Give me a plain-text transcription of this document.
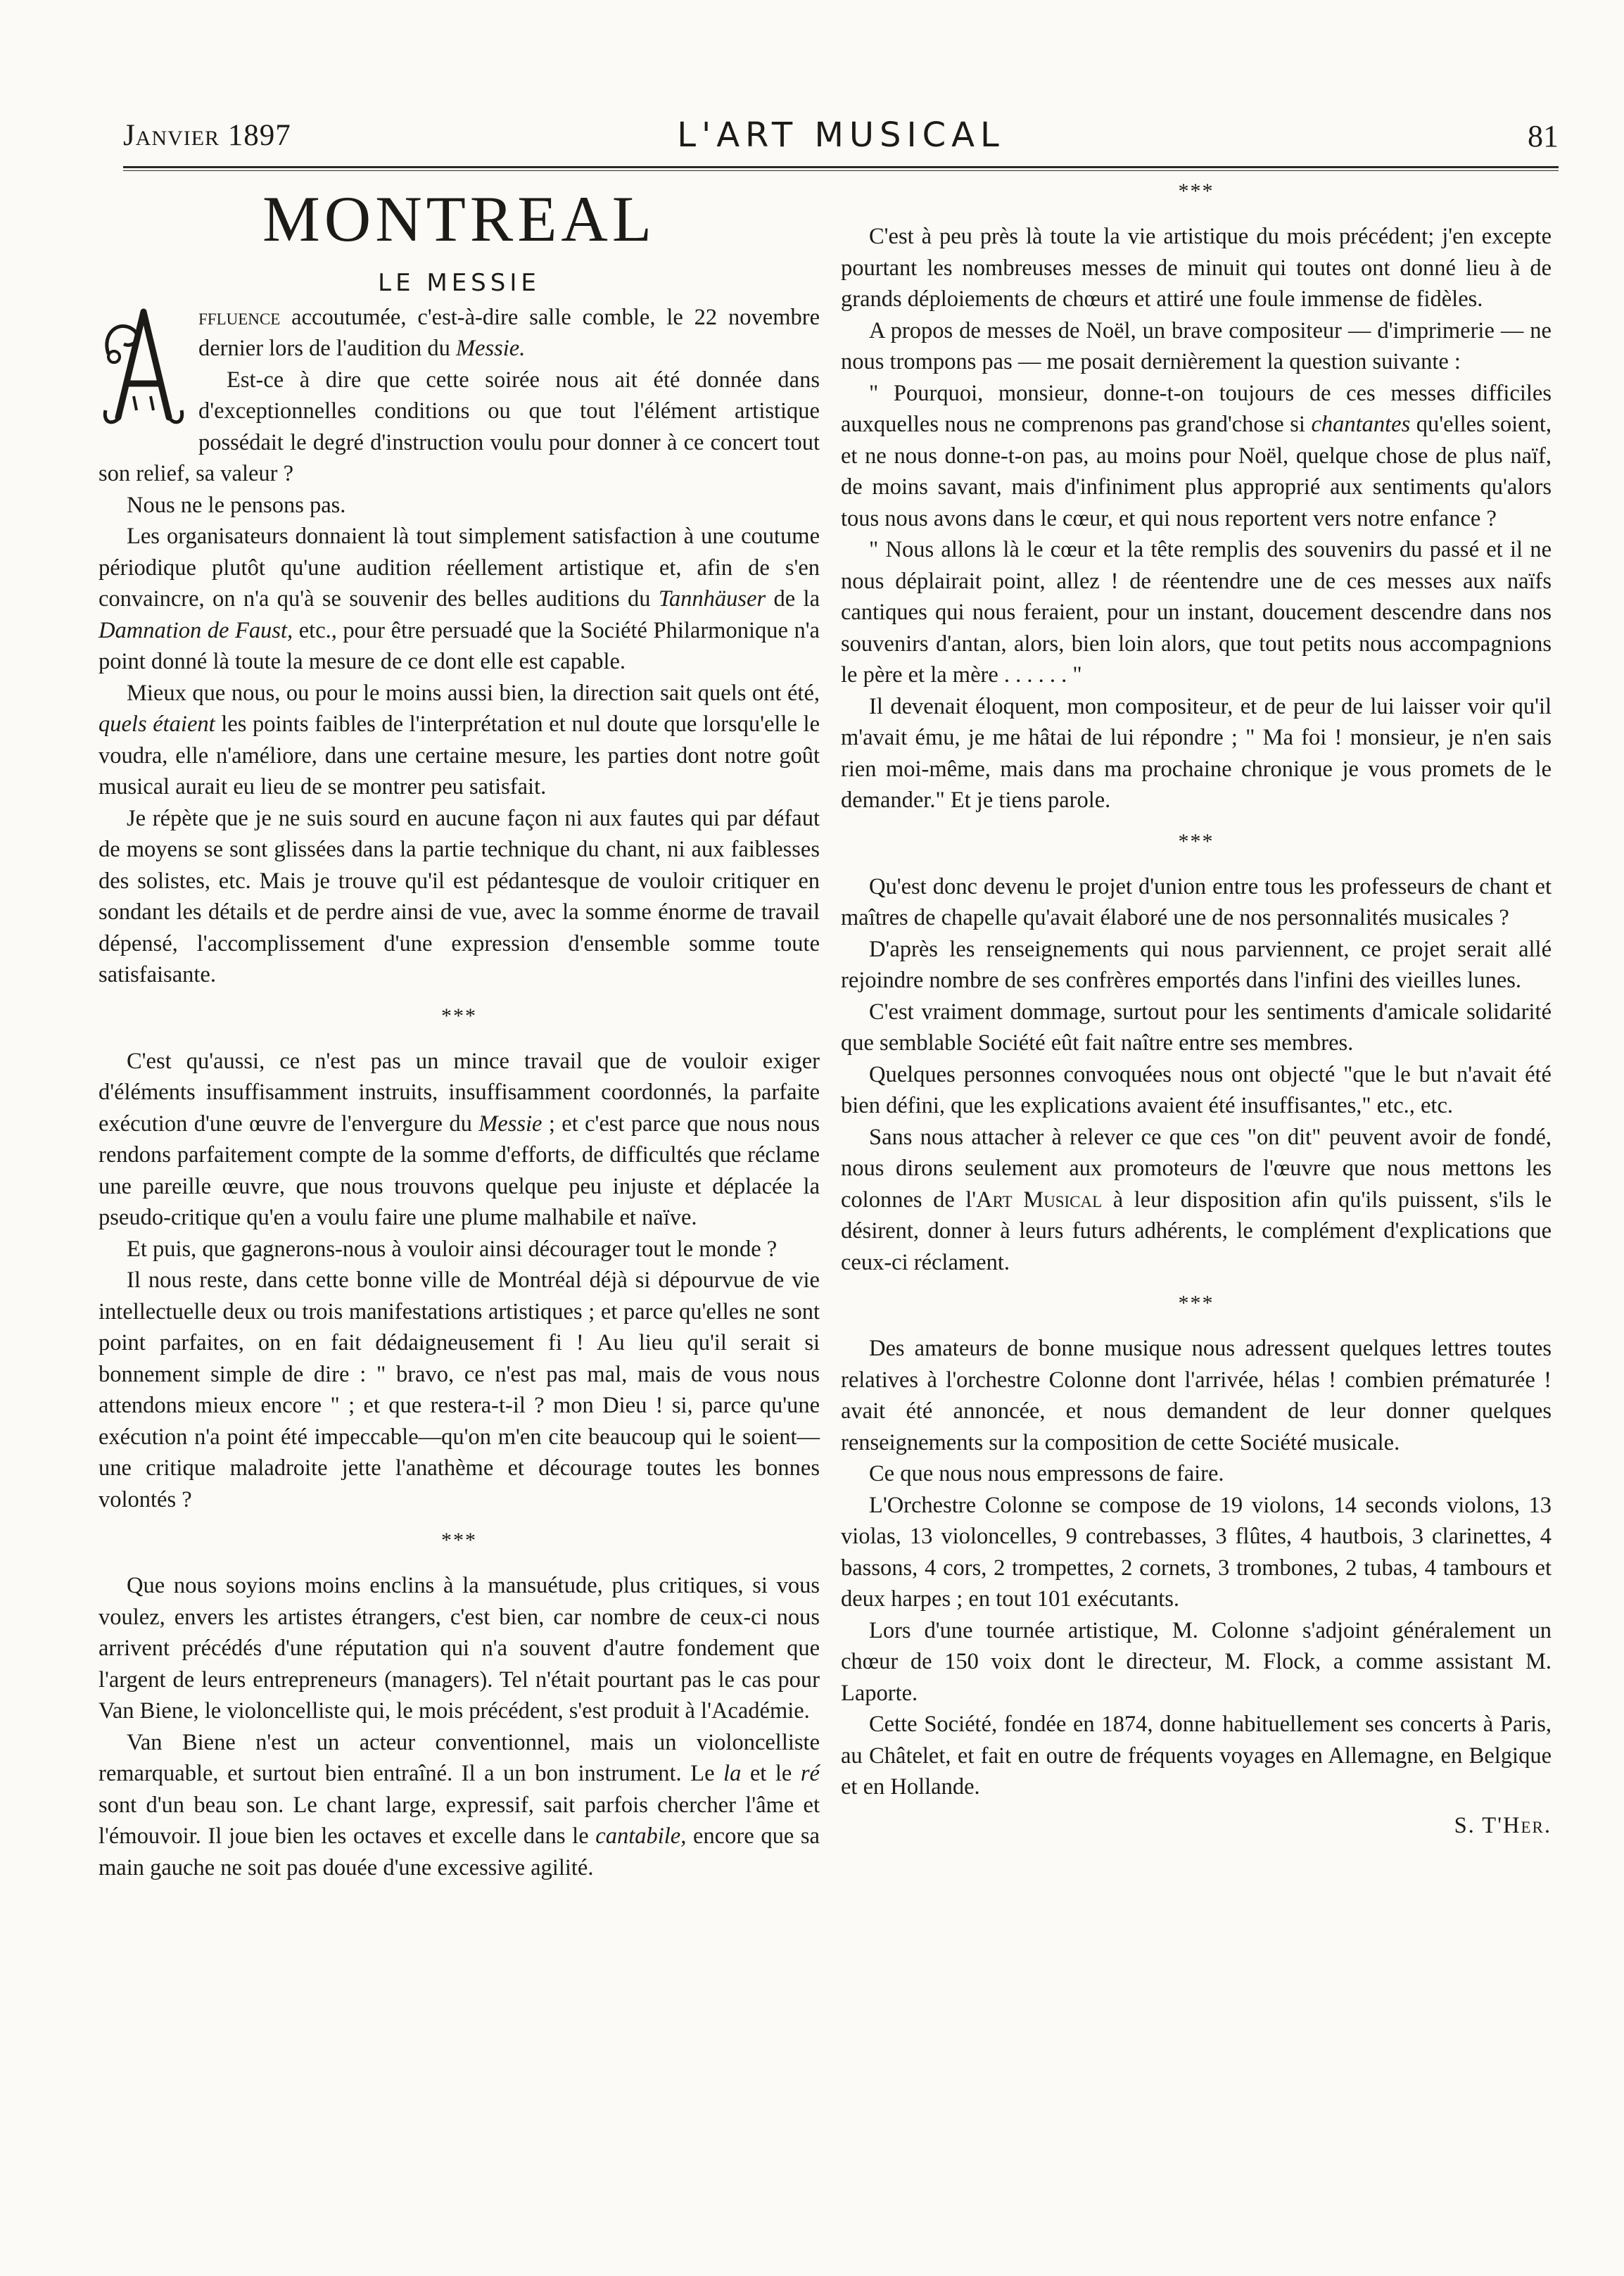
Janvier 1897	L'ART MUSICAL	81
MONTREAL
LE MESSIE

ffluence accoutumée, c'est-à-dire salle comble, le 22 novembre dernier lors de l'audition du Messie.

Est-ce à dire que cette soirée nous ait été donnée dans d'exceptionnelles conditions ou que tout l'élément artistique possédait le degré d'instruction voulu pour donner à ce concert tout son relief, sa valeur ?

Nous ne le pensons pas.

Les organisateurs donnaient là tout simplement satisfaction à une coutume périodique plutôt qu'une audition réellement artistique et, afin de s'en convaincre, on n'a qu'à se souvenir des belles auditions du Tannhäuser de la Damnation de Faust, etc., pour être persuadé que la Société Philarmonique n'a point donné là toute la mesure de ce dont elle est capable.

Mieux que nous, ou pour le moins aussi bien, la direction sait quels ont été, quels étaient les points faibles de l'interprétation et nul doute que lorsqu'elle le voudra, elle n'améliore, dans une certaine mesure, les parties dont notre goût musical aurait eu lieu de se montrer peu satisfait.

Je répète que je ne suis sourd en aucune façon ni aux fautes qui par défaut de moyens se sont glissées dans la partie technique du chant, ni aux faiblesses des solistes, etc. Mais je trouve qu'il est pédantesque de vouloir critiquer en sondant les détails et de perdre ainsi de vue, avec la somme énorme de travail dépensé, l'accomplissement d'une expression d'ensemble somme toute satisfaisante.

***

C'est qu'aussi, ce n'est pas un mince travail que de vouloir exiger d'éléments insuffisamment instruits, insuffisamment coordonnés, la parfaite exécution d'une œuvre de l'envergure du Messie ; et c'est parce que nous nous rendons parfaitement compte de la somme d'efforts, de difficultés que réclame une pareille œuvre, que nous trouvons quelque peu injuste et déplacée la pseudo-critique qu'en a voulu faire une plume malhabile et naïve.

Et puis, que gagnerons-nous à vouloir ainsi décourager tout le monde ?

Il nous reste, dans cette bonne ville de Montréal déjà si dépourvue de vie intellectuelle deux ou trois manifestations artistiques ; et parce qu'elles ne sont point parfaites, on en fait dédaigneusement fi ! Au lieu qu'il serait si bonnement simple de dire : " bravo, ce n'est pas mal, mais de vous nous attendons mieux encore " ; et que restera-t-il ? mon Dieu ! si, parce qu'une exécution n'a point été impeccable—qu'on m'en cite beaucoup qui le soient—une critique maladroite jette l'anathème et décourage toutes les bonnes volontés ?

***

Que nous soyions moins enclins à la mansuétude, plus critiques, si vous voulez, envers les artistes étrangers, c'est bien, car nombre de ceux-ci nous arrivent précédés d'une réputation qui n'a souvent d'autre fondement que l'argent de leurs entrepreneurs (managers). Tel n'était pourtant pas le cas pour Van Biene, le violoncelliste qui, le mois précédent, s'est produit à l'Académie.

Van Biene n'est un acteur conventionnel, mais un violoncelliste remarquable, et surtout bien entraîné. Il a un bon instrument. Le la et le ré sont d'un beau son. Le chant large, expressif, sait parfois chercher l'âme et l'émouvoir. Il joue bien les octaves et excelle dans le cantabile, encore que sa main gauche ne soit pas douée d'une excessive agilité.

***

C'est à peu près là toute la vie artistique du mois précédent; j'en excepte pourtant les nombreuses messes de minuit qui toutes ont donné lieu à de grands déploiements de chœurs et attiré une foule immense de fidèles.

A propos de messes de Noël, un brave compositeur — d'imprimerie — ne nous trompons pas — me posait dernièrement la question suivante :

" Pourquoi, monsieur, donne-t-on toujours de ces messes difficiles auxquelles nous ne comprenons pas grand'chose si chantantes qu'elles soient, et ne nous donne-t-on pas, au moins pour Noël, quelque chose de plus naïf, de moins savant, mais d'infiniment plus approprié aux sentiments qu'alors tous nous avons dans le cœur, et qui nous reportent vers notre enfance ?

" Nous allons là le cœur et la tête remplis des souvenirs du passé et il ne nous déplairait point, allez ! de réentendre une de ces messes aux naïfs cantiques qui nous feraient, pour un instant, doucement descendre dans nos souvenirs d'antan, alors, bien loin alors, que tout petits nous accompagnions le père et la mère . . . . . . "

Il devenait éloquent, mon compositeur, et de peur de lui laisser voir qu'il m'avait ému, je me hâtai de lui répondre ; " Ma foi ! monsieur, je n'en sais rien moi-même, mais dans ma prochaine chronique je vous promets de le demander." Et je tiens parole.

***

Qu'est donc devenu le projet d'union entre tous les professeurs de chant et maîtres de chapelle qu'avait élaboré une de nos personnalités musicales ?

D'après les renseignements qui nous parviennent, ce projet serait allé rejoindre nombre de ses confrères emportés dans l'infini des vieilles lunes.

C'est vraiment dommage, surtout pour les sentiments d'amicale solidarité que semblable Société eût fait naître entre ses membres.

Quelques personnes convoquées nous ont objecté "que le but n'avait été bien défini, que les explications avaient été insuffisantes," etc., etc.

Sans nous attacher à relever ce que ces "on dit" peuvent avoir de fondé, nous dirons seulement aux promoteurs de l'œuvre que nous mettons les colonnes de l'Art Musical à leur disposition afin qu'ils puissent, s'ils le désirent, donner à leurs futurs adhérents, le complément d'explications que ceux-ci réclament.

***

Des amateurs de bonne musique nous adressent quelques lettres toutes relatives à l'orchestre Colonne dont l'arrivée, hélas ! combien prématurée ! avait été annoncée, et nous demandent de leur donner quelques renseignements sur la composition de cette Société musicale.

Ce que nous nous empressons de faire.

L'Orchestre Colonne se compose de 19 violons, 14 seconds violons, 13 violas, 13 violoncelles, 9 contrebasses, 3 flûtes, 4 hautbois, 3 clarinettes, 4 bassons, 4 cors, 2 trompettes, 2 cornets, 3 trombones, 2 tubas, 4 tambours et deux harpes ; en tout 101 exécutants.

Lors d'une tournée artistique, M. Colonne s'adjoint généralement un chœur de 150 voix dont le directeur, M. Flock, a comme assistant M. Laporte.

Cette Société, fondée en 1874, donne habituellement ses concerts à Paris, au Châtelet, et fait en outre de fréquents voyages en Allemagne, en Belgique et en Hollande.

S. T'Her.
